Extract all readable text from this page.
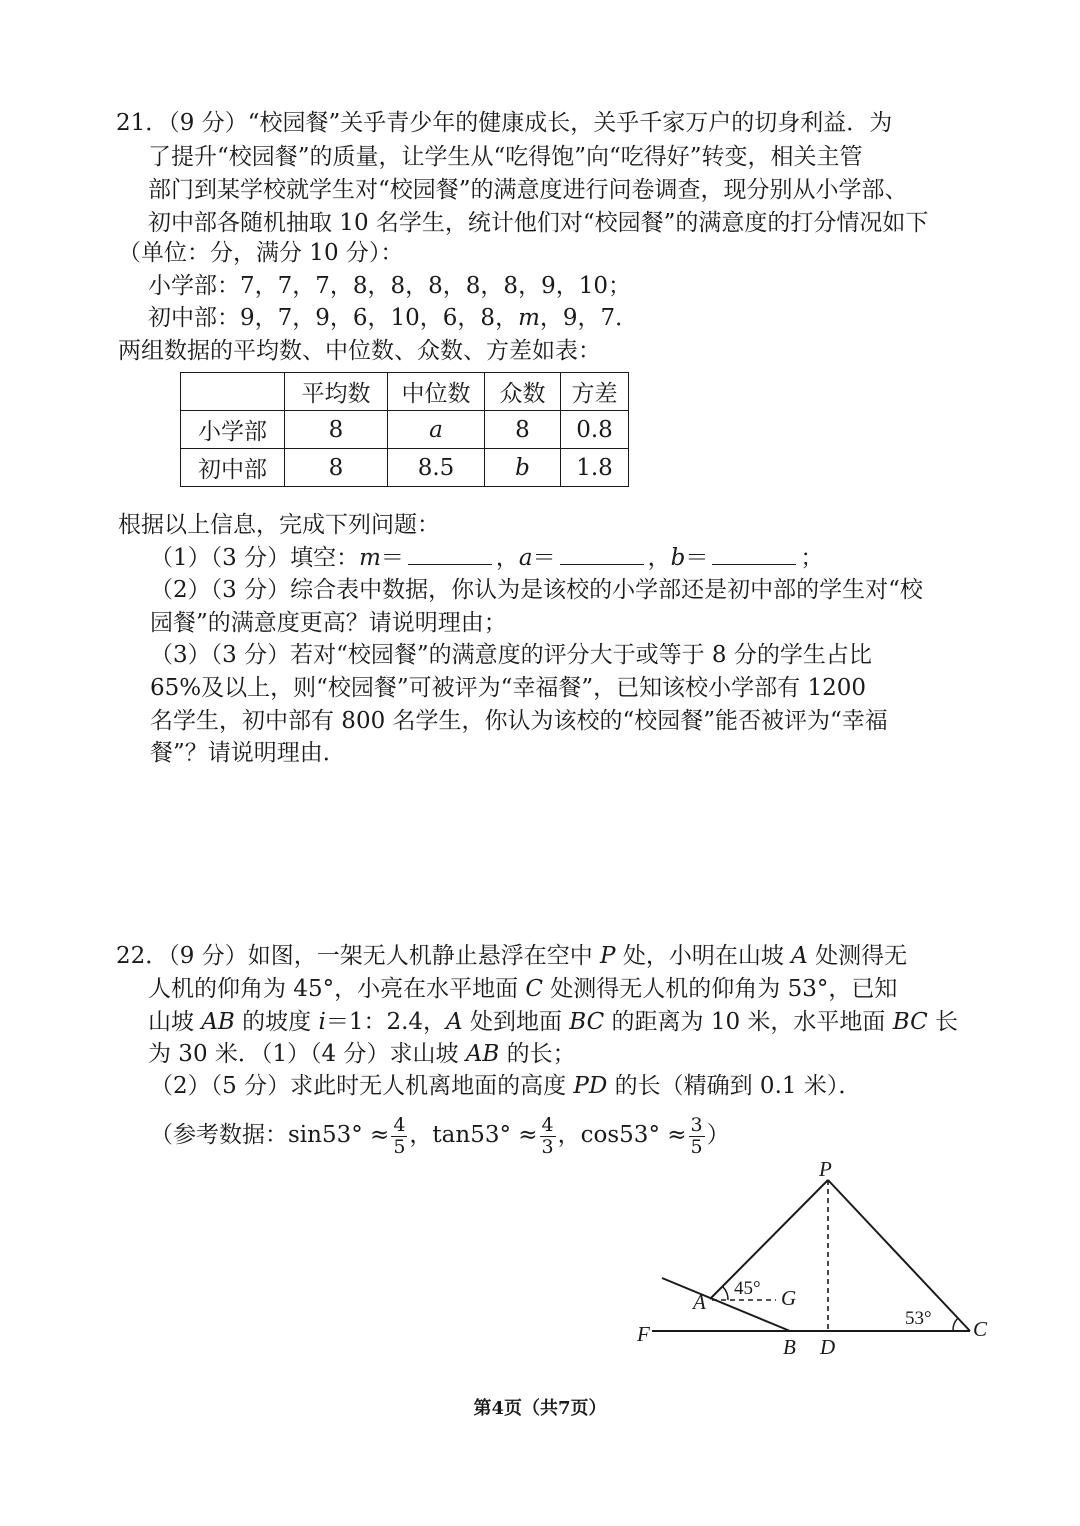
21．（9 分）“校园餐”关乎青少年的健康成长，关乎千家万户的切身利益．为
了提升“校园餐”的质量，让学生从“吃得饱”向“吃得好”转变，相关主管
部门到某学校就学生对“校园餐”的满意度进行问卷调查，现分别从小学部、
初中部各随机抽取 10 名学生，统计他们对“校园餐”的满意度的打分情况如下
（单位：分，满分 10 分）：
小学部：7，7，7，8，8，8，8，8，9，10；
初中部：9，7，9，6，10，6，8，m，9，7．
两组数据的平均数、中位数、众数、方差如表：
	平均数	中位数	众数	方差
小学部	8	a	8	0.8
初中部	8	8.5	b	1.8
根据以上信息，完成下列问题：
（1）（3 分）填空：m＝	，a＝	，b＝	；
（2）（3 分）综合表中数据，你认为是该校的小学部还是初中部的学生对“校
园餐”的满意度更高？请说明理由；
（3）（3 分）若对“校园餐”的满意度的评分大于或等于 8 分的学生占比
65%及以上，则“校园餐”可被评为“幸福餐”，已知该校小学部有 1200
名学生，初中部有 800 名学生，你认为该校的“校园餐”能否被评为“幸福
餐”？请说明理由．
22．（9 分）如图，一架无人机静止悬浮在空中 P 处，小明在山坡 A 处测得无
人机的仰角为 45°，小亮在水平地面 C 处测得无人机的仰角为 53°，已知
山坡 AB 的坡度 i＝1：2.4，A 处到地面 BC 的距离为 10 米，水平地面 BC 长
为 30 米．（1）（4 分）求山坡 AB 的长；
（2）（5 分）求此时无人机离地面的高度 PD 的长（精确到 0.1 米）．
（参考数据：$\sin 53^\circ \approx \frac{4}{5}$ ，$\tan 53^\circ \approx \frac{4}{3}$ ，$\cos 53^\circ \approx \frac{3}{5}$ ）
P
A	G
F
B D
C
45°
53°
第4页（共7页）
